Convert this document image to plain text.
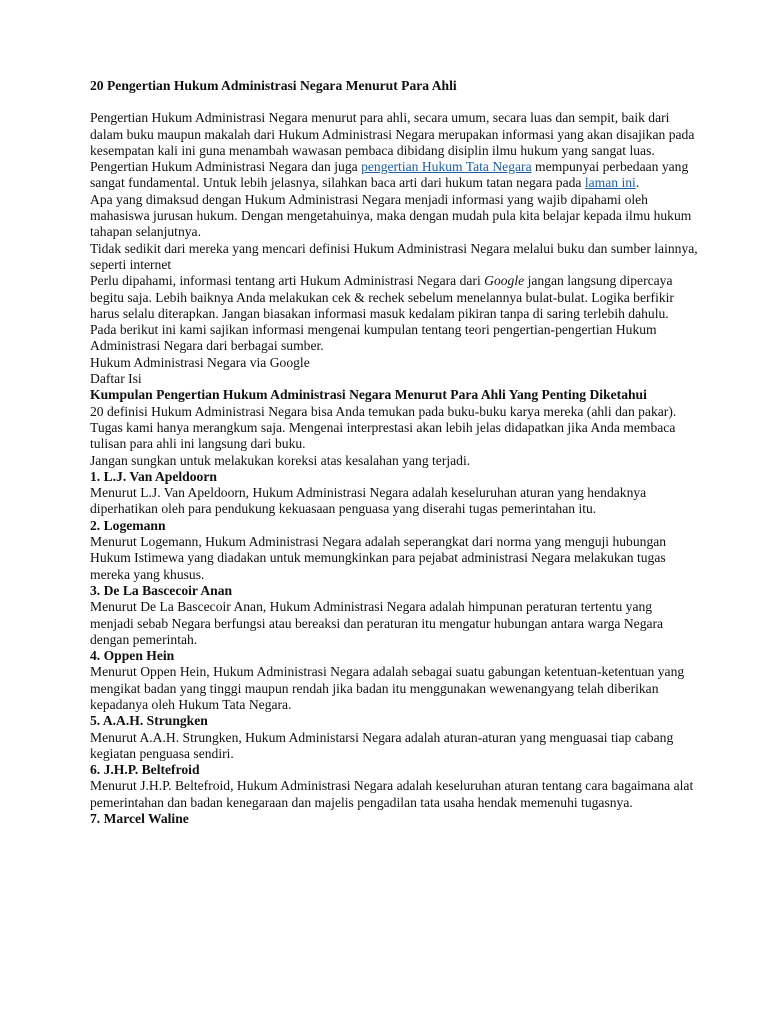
20 Pengertian Hukum Administrasi Negara Menurut Para Ahli

Pengertian Hukum Administrasi Negara menurut para ahli, secara umum, secara luas dan sempit, baik dari dalam buku maupun makalah dari Hukum Administrasi Negara merupakan informasi yang akan disajikan pada kesempatan kali ini guna menambah wawasan pembaca dibidang disiplin ilmu hukum yang sangat luas.

Pengertian Hukum Administrasi Negara dan juga pengertian Hukum Tata Negara mempunyai perbedaan yang sangat fundamental. Untuk lebih jelasnya, silahkan baca arti dari hukum tatan negara pada laman ini.

Apa yang dimaksud dengan Hukum Administrasi Negara menjadi informasi yang wajib dipahami oleh mahasiswa jurusan hukum. Dengan mengetahuinya, maka dengan mudah pula kita belajar kepada ilmu hukum tahapan selanjutnya.

Tidak sedikit dari mereka yang mencari definisi Hukum Administrasi Negara melalui buku dan sumber lainnya, seperti internet

Perlu dipahami, informasi tentang arti Hukum Administrasi Negara dari Google jangan langsung dipercaya begitu saja. Lebih baiknya Anda melakukan cek & rechek sebelum menelannya bulat-bulat. Logika berfikir harus selalu diterapkan. Jangan biasakan informasi masuk kedalam pikiran tanpa di saring terlebih dahulu.

Pada berikut ini kami sajikan informasi mengenai kumpulan tentang teori pengertian-pengertian Hukum Administrasi Negara dari berbagai sumber.

Hukum Administrasi Negara via Google

Daftar Isi

Kumpulan Pengertian Hukum Administrasi Negara Menurut Para Ahli Yang Penting Diketahui

20 definisi Hukum Administrasi Negara bisa Anda temukan pada buku-buku karya mereka (ahli dan pakar). Tugas kami hanya merangkum saja. Mengenai interprestasi akan lebih jelas didapatkan jika Anda membaca tulisan para ahli ini langsung dari buku.

Jangan sungkan untuk melakukan koreksi atas kesalahan yang terjadi.

1. L.J. Van Apeldoorn

Menurut L.J. Van Apeldoorn, Hukum Administrasi Negara adalah keseluruhan aturan yang hendaknya diperhatikan oleh para pendukung kekuasaan penguasa yang diserahi tugas pemerintahan itu.

2. Logemann

Menurut Logemann, Hukum Administrasi Negara adalah seperangkat dari norma yang menguji hubungan Hukum Istimewa yang diadakan untuk memungkinkan para pejabat administrasi Negara melakukan tugas mereka yang khusus.

3. De La Bascecoir Anan

Menurut De La Bascecoir Anan, Hukum Administrasi Negara adalah himpunan peraturan tertentu yang menjadi sebab Negara berfungsi atau bereaksi dan peraturan itu mengatur hubungan antara warga Negara dengan pemerintah.

4. Oppen Hein

Menurut Oppen Hein, Hukum Administrasi Negara adalah sebagai suatu gabungan ketentuan-ketentuan yang mengikat badan yang tinggi maupun rendah jika badan itu menggunakan wewenangyang telah diberikan kepadanya oleh Hukum Tata Negara.

5. A.A.H. Strungken

Menurut A.A.H. Strungken, Hukum Administarsi Negara adalah aturan-aturan yang menguasai tiap cabang kegiatan penguasa sendiri.

6. J.H.P. Beltefroid

Menurut J.H.P. Beltefroid, Hukum Administrasi Negara adalah keseluruhan aturan tentang cara bagaimana alat pemerintahan dan badan kenegaraan dan majelis pengadilan tata usaha hendak memenuhi tugasnya.

7. Marcel Waline
